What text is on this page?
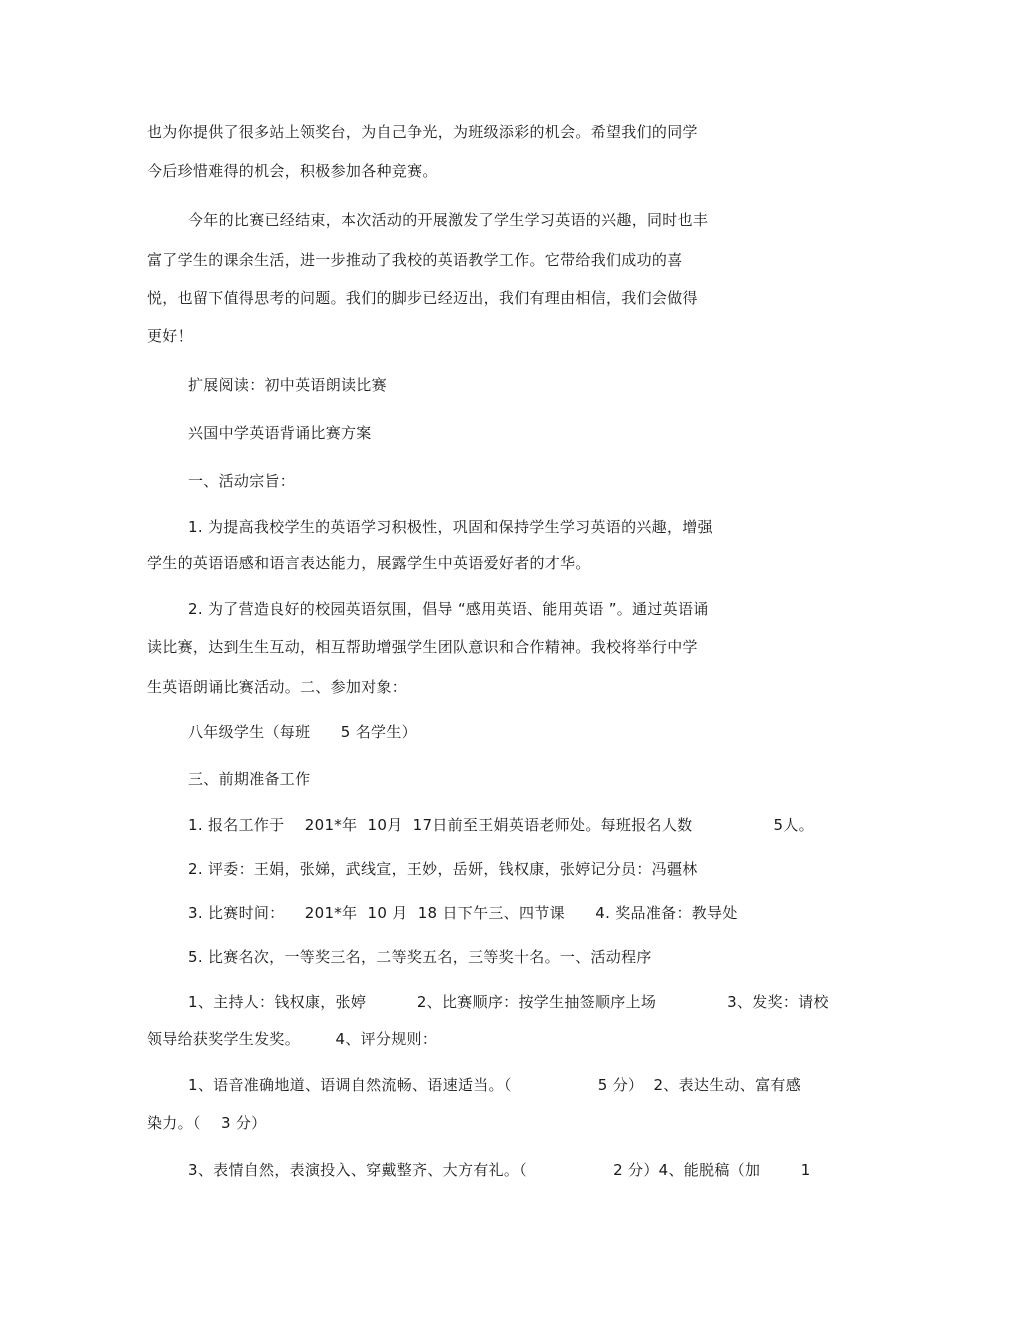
也为你提供了很多站上领奖台，为自己争光，为班级添彩的机会。希望我们的同学
今后珍惜难得的机会，积极参加各种竞赛。
今年的比赛已经结束，本次活动的开展激发了学生学习英语的兴趣，同时也丰
富了学生的课余生活，进一步推动了我校的英语教学工作。它带给我们成功的喜
悦，也留下值得思考的问题。我们的脚步已经迈出，我们有理由相信，我们会做得
更好！
扩展阅读：初中英语朗读比赛
兴国中学英语背诵比赛方案
一、活动宗旨：
1. 为提高我校学生的英语学习积极性，巩固和保持学生学习英语的兴趣，增强
学生的英语语感和语言表达能力，展露学生中英语爱好者的才华。
2. 为了营造良好的校园英语氛围，倡导 “感用英语、能用英语 ”。通过英语诵
读比赛，达到生生互动，相互帮助增强学生团队意识和合作精神。我校将举行中学
生英语朗诵比赛活动。二、参加对象：
八年级学生（每班      5 名学生）
三、前期准备工作
1. 报名工作于    201*年  10月  17日前至王娟英语老师处。每班报名人数                5人。
2. 评委：王娟，张娣，武线宣，王妙，岳妍，钱权康，张婷记分员：冯疆林
3. 比赛时间：    201*年  10 月  18 日下午三、四节课      4. 奖品准备：教导处
5. 比赛名次，一等奖三名，二等奖五名，三等奖十名。一、活动程序
1、主持人：钱权康，张婷          2、比赛顺序：按学生抽签顺序上场              3、发奖：请校
领导给获奖学生发奖。       4、评分规则：
1、语音准确地道、语调自然流畅、语速适当。（                 5 分）  2、表达生动、富有感
染力。（    3 分）
3、表情自然，表演投入、穿戴整齐、大方有礼。（                 2 分）4、能脱稿（加        1
